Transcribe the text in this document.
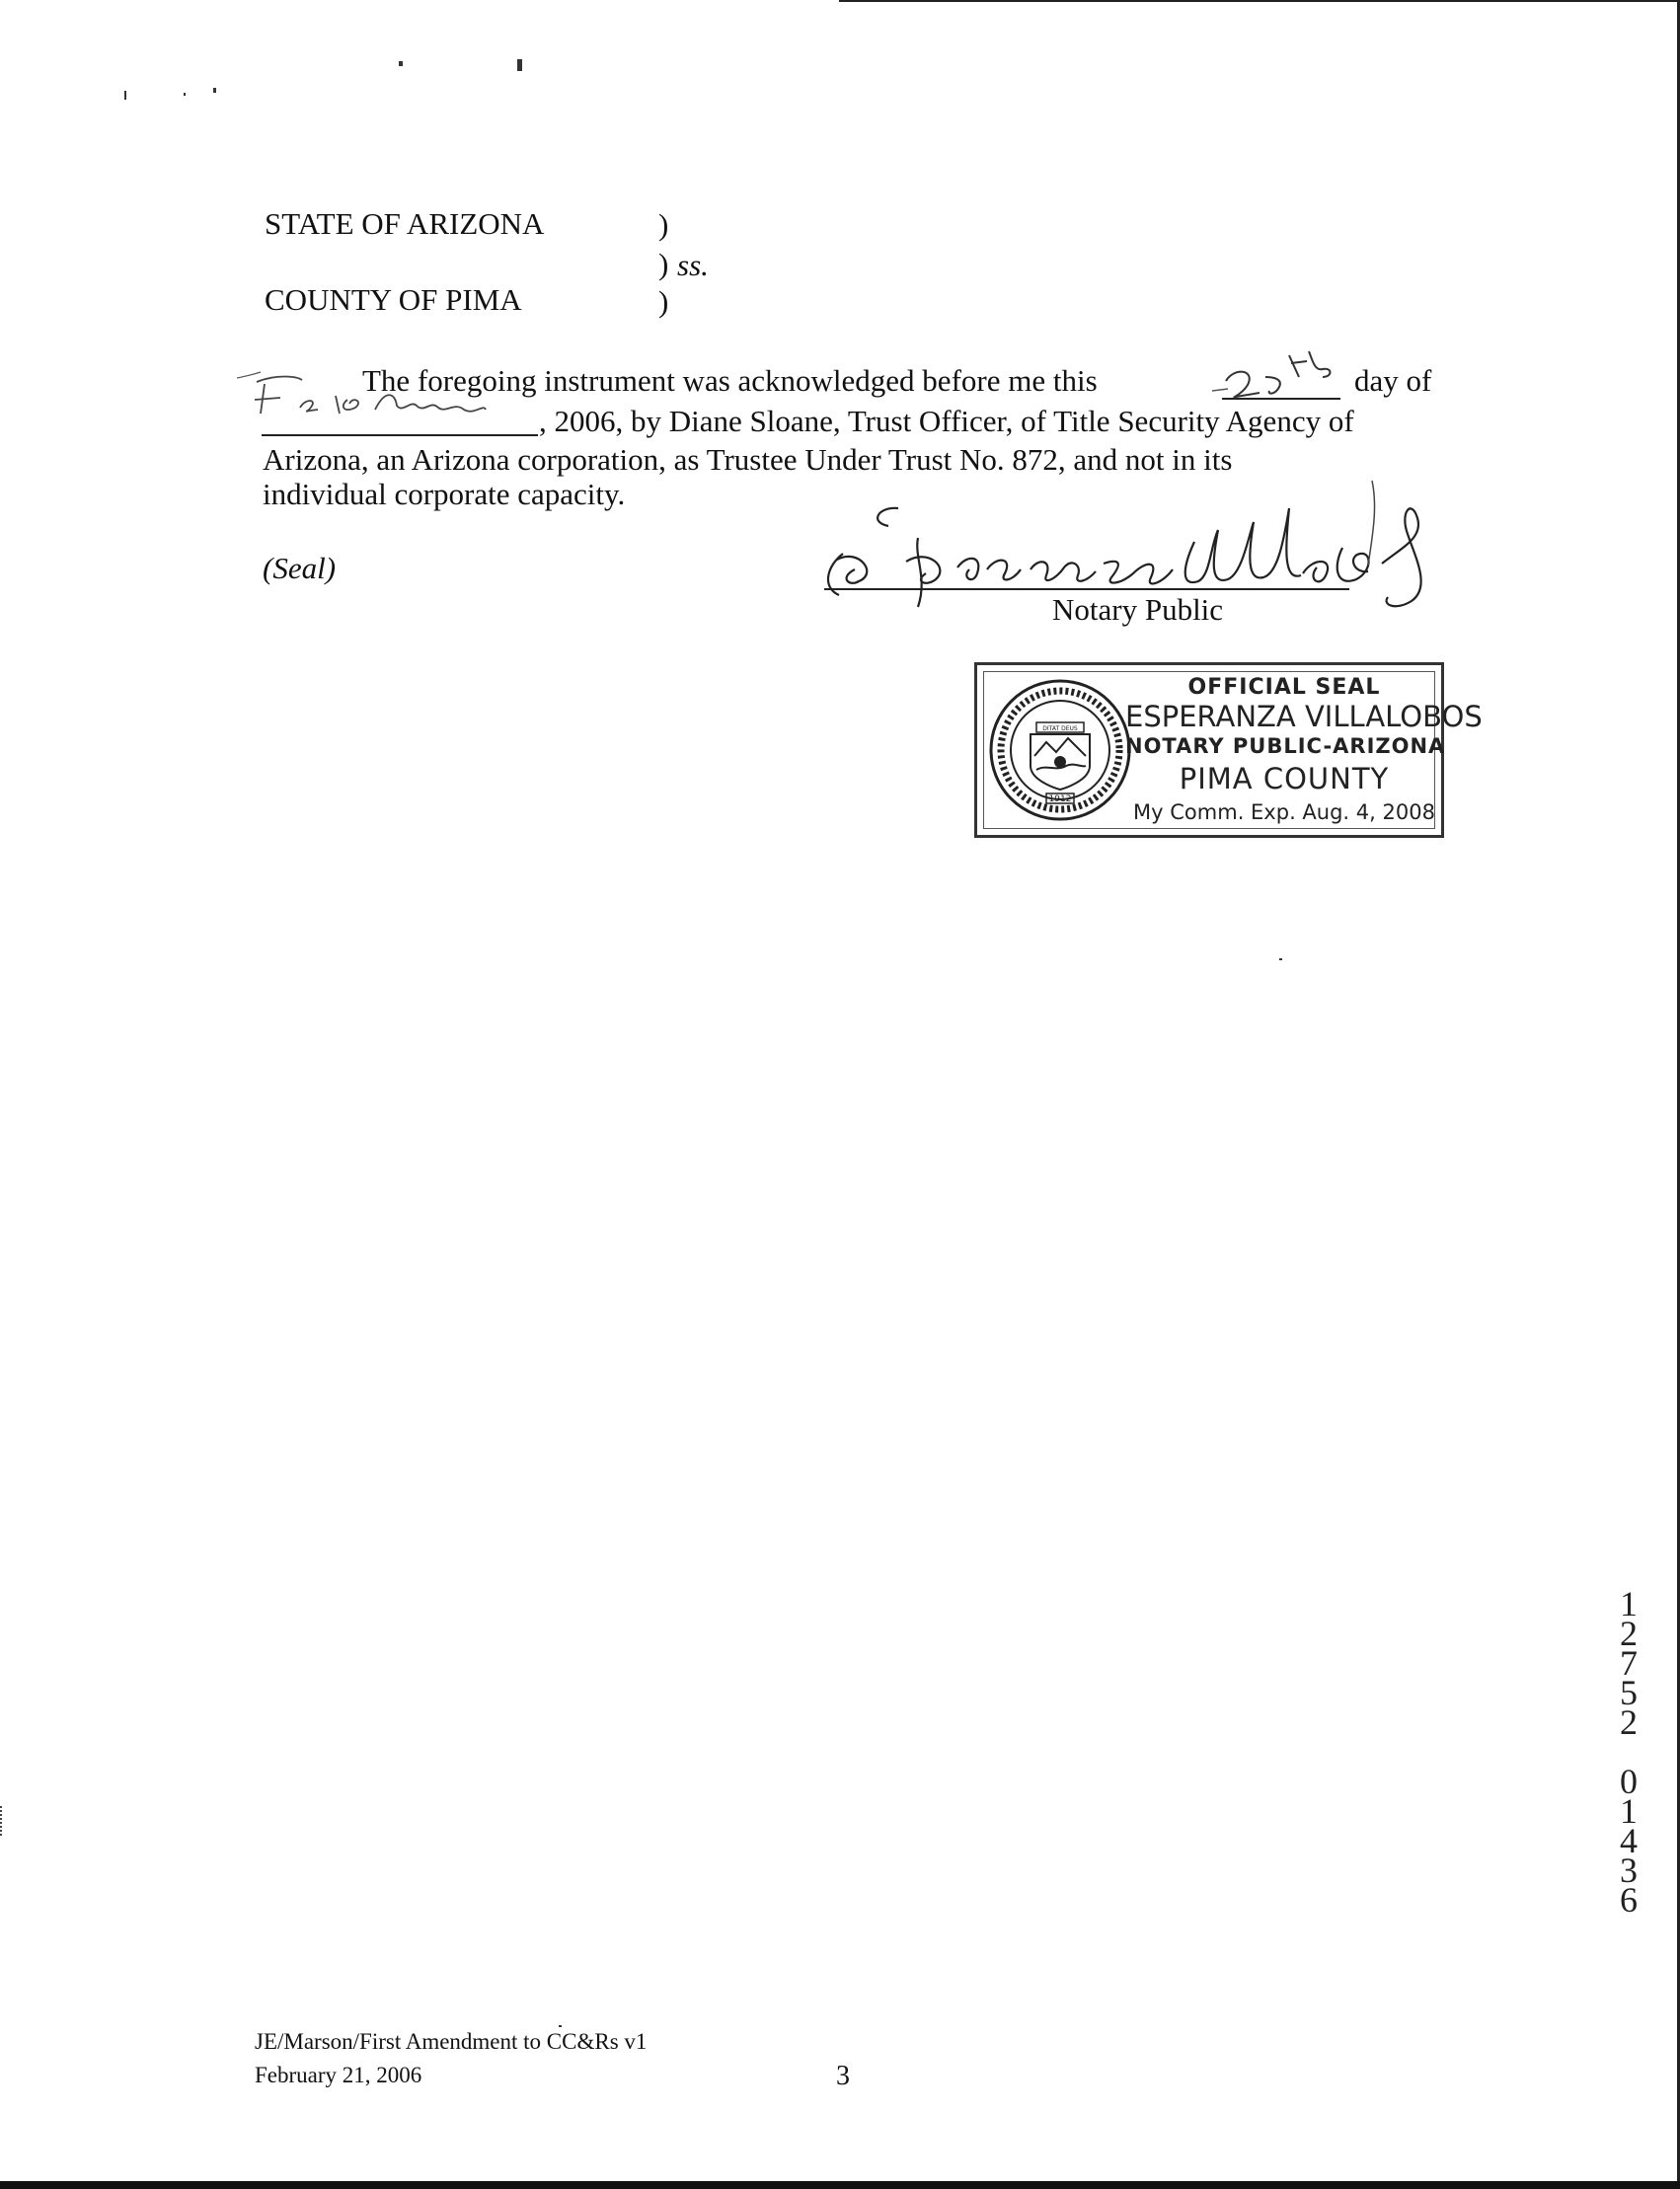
STATE OF ARIZONA
COUNTY OF PIMA
)
) ss.
)
The foregoing instrument was acknowledged before me this	day of
, 2006, by Diane Sloane, Trust Officer, of Title Security Agency of
Arizona, an Arizona corporation, as Trustee Under Trust No. 872, and not in its
individual corporate capacity.
(Seal)
Notary Public
DITAT DEUS
1912
OFFICIAL SEAL
ESPERANZA VILLALOBOS
NOTARY PUBLIC-ARIZONA
PIMA COUNTY
My Comm. Exp. Aug. 4, 2008
1
2
7
5
2
0
1
4
3
6
JE/Marson/First Amendment to CC&Rs v1
February 21, 2006	3
